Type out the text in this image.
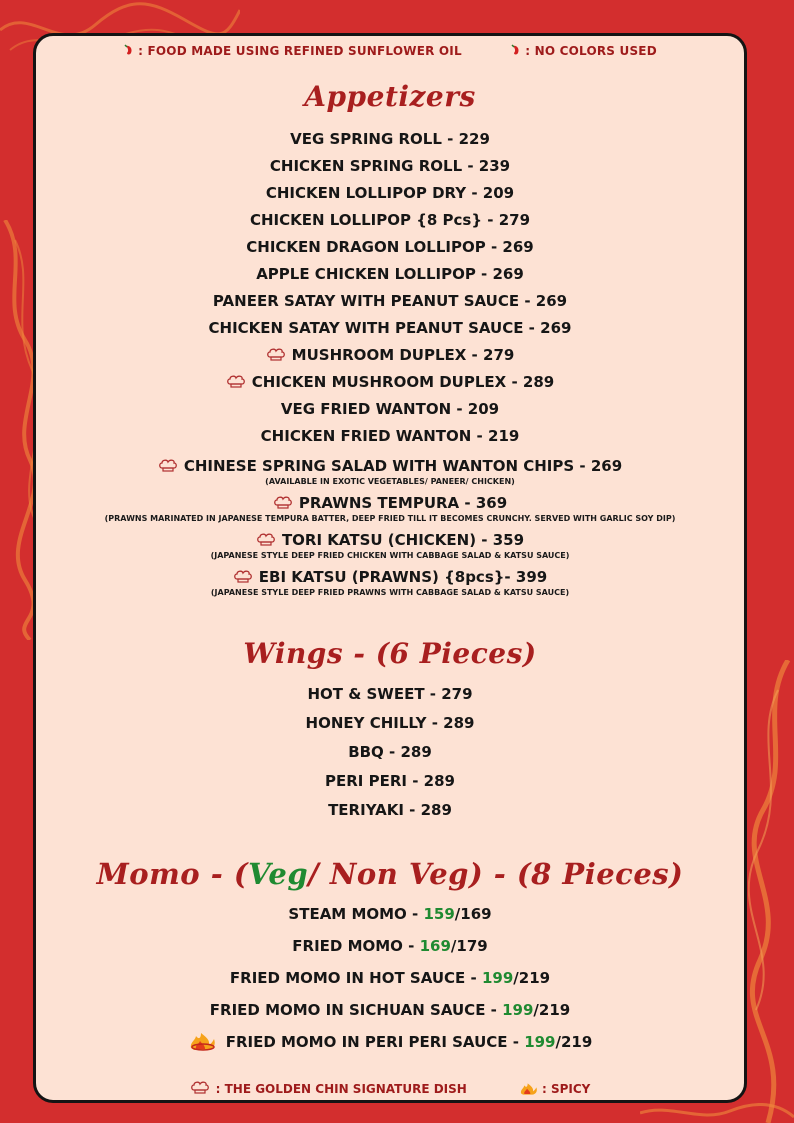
: FOOD MADE USING REFINED SUNFLOWER OIL	: NO COLORS USED
Appetizers
VEG SPRING ROLL - 229
CHICKEN SPRING ROLL - 239
CHICKEN LOLLIPOP DRY - 209
CHICKEN LOLLIPOP {8 Pcs} - 279
CHICKEN DRAGON LOLLIPOP - 269
APPLE CHICKEN LOLLIPOP - 269
PANEER SATAY WITH PEANUT SAUCE - 269
CHICKEN SATAY WITH PEANUT SAUCE - 269
MUSHROOM DUPLEX - 279
CHICKEN MUSHROOM DUPLEX - 289
VEG FRIED WANTON - 209
CHICKEN FRIED WANTON - 219
CHINESE SPRING SALAD WITH WANTON CHIPS - 269
(AVAILABLE IN EXOTIC VEGETABLES/ PANEER/ CHICKEN)
PRAWNS TEMPURA - 369
(PRAWNS MARINATED IN JAPANESE TEMPURA BATTER, DEEP FRIED TILL IT BECOMES CRUNCHY. SERVED WITH GARLIC SOY DIP)
TORI KATSU (CHICKEN) - 359
(JAPANESE STYLE DEEP FRIED CHICKEN WITH CABBAGE SALAD & KATSU SAUCE)
EBI KATSU (PRAWNS) {8pcs}- 399
(JAPANESE STYLE DEEP FRIED PRAWNS WITH CABBAGE SALAD & KATSU SAUCE)
Wings - (6 Pieces)
HOT & SWEET - 279
HONEY CHILLY - 289
BBQ - 289
PERI PERI - 289
TERIYAKI - 289
Momo - (Veg/ Non Veg) - (8 Pieces)
STEAM MOMO - 159/169
FRIED MOMO - 169/179
FRIED MOMO IN HOT SAUCE - 199/219
FRIED MOMO IN SICHUAN SAUCE - 199/219
FRIED MOMO IN PERI PERI SAUCE - 199/219
: THE GOLDEN CHIN SIGNATURE DISH	: SPICY
